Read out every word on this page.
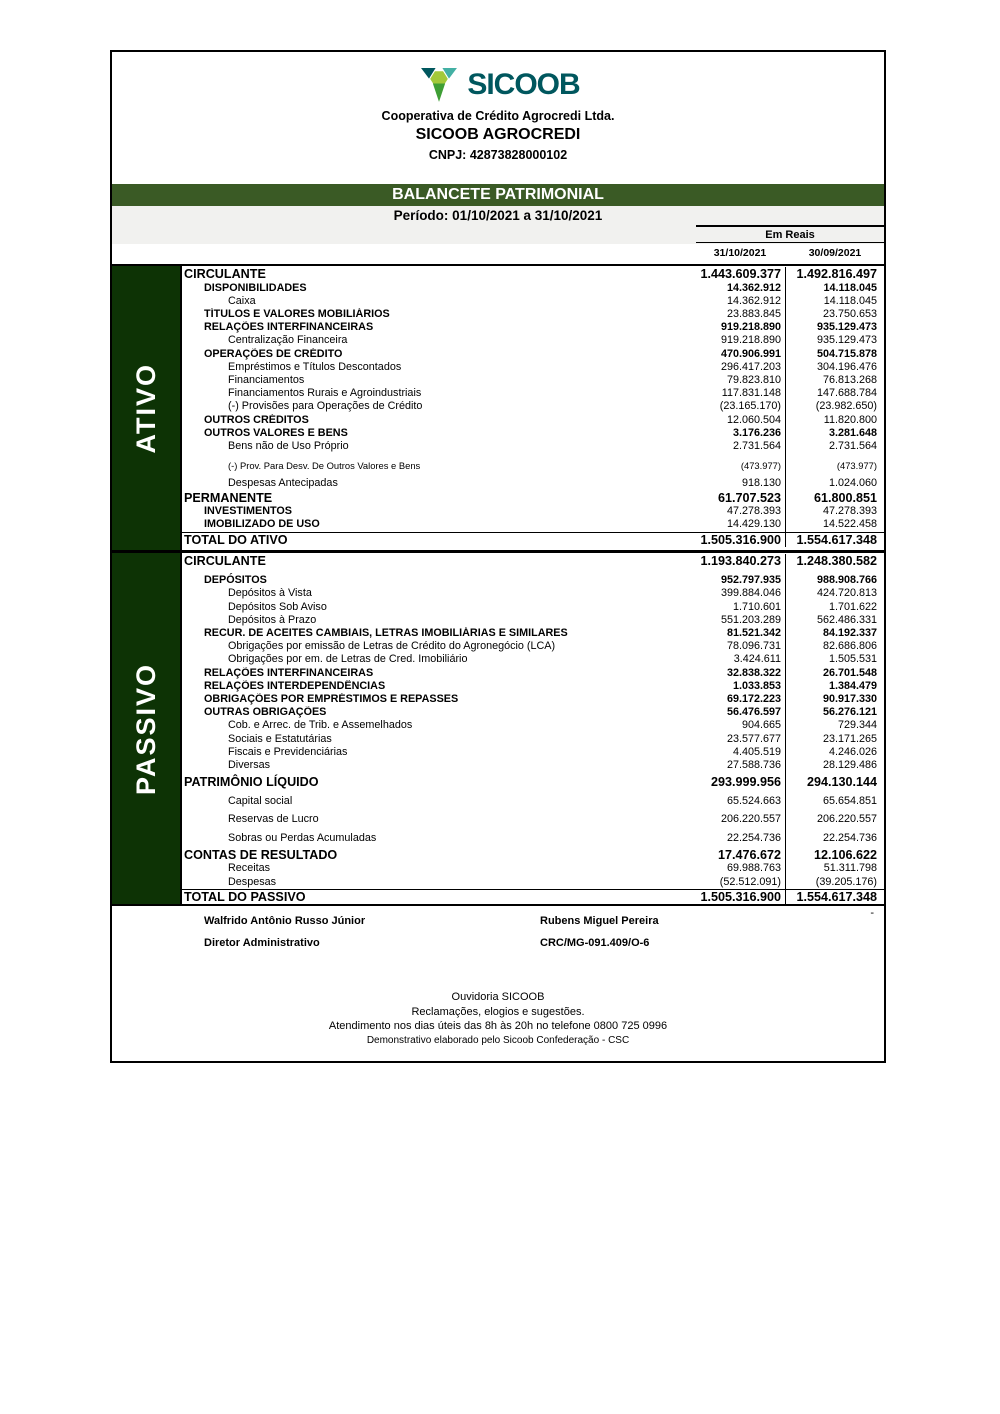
SICOOB
Cooperativa de Crédito Agrocredi Ltda.
SICOOB AGROCREDI
CNPJ: 42873828000102
BALANCETE PATRIMONIAL
Período: 01/10/2021 a 31/10/2021
Em Reais
31/10/2021	30/09/2021
ATIVO
CIRCULANTE	1.443.609.377	1.492.816.497
DISPONIBILIDADES	14.362.912	14.118.045
Caixa	14.362.912	14.118.045
TÍTULOS E VALORES MOBILIÁRIOS	23.883.845	23.750.653
RELAÇÕES INTERFINANCEIRAS	919.218.890	935.129.473
Centralização Financeira	919.218.890	935.129.473
OPERAÇÕES DE CRÉDITO	470.906.991	504.715.878
Empréstimos e Títulos Descontados	296.417.203	304.196.476
Financiamentos	79.823.810	76.813.268
Financiamentos Rurais e Agroindustriais	117.831.148	147.688.784
(-) Provisões para Operações de Crédito	(23.165.170)	(23.982.650)
OUTROS CRÉDITOS	12.060.504	11.820.800
OUTROS VALORES E BENS	3.176.236	3.281.648
Bens não de Uso Próprio	2.731.564	2.731.564
(-) Prov. Para Desv. De Outros Valores e Bens	(473.977)	(473.977)
Despesas Antecipadas	918.130	1.024.060
PERMANENTE	61.707.523	61.800.851
INVESTIMENTOS	47.278.393	47.278.393
IMOBILIZADO DE USO	14.429.130	14.522.458
TOTAL DO ATIVO	1.505.316.900	1.554.617.348
PASSIVO
CIRCULANTE	1.193.840.273	1.248.380.582
DEPÓSITOS	952.797.935	988.908.766
Depósitos à Vista	399.884.046	424.720.813
Depósitos Sob Aviso	1.710.601	1.701.622
Depósitos à Prazo	551.203.289	562.486.331
RECUR. DE ACEITES CAMBIAIS, LETRAS IMOBILIÁRIAS E SIMILARES	81.521.342	84.192.337
Obrigações por emissão de Letras de Crédito do Agronegócio (LCA)	78.096.731	82.686.806
Obrigações por em. de Letras de Cred. Imobiliário	3.424.611	1.505.531
RELAÇÕES INTERFINANCEIRAS	32.838.322	26.701.548
RELAÇÕES INTERDEPENDÊNCIAS	1.033.853	1.384.479
OBRIGAÇÕES POR EMPRÉSTIMOS E REPASSES	69.172.223	90.917.330
OUTRAS OBRIGAÇÕES	56.476.597	56.276.121
Cob. e Arrec. de Trib. e Assemelhados	904.665	729.344
Sociais e Estatutárias	23.577.677	23.171.265
Fiscais e Previdenciárias	4.405.519	4.246.026
Diversas	27.588.736	28.129.486
PATRIMÔNIO LÍQUIDO	293.999.956	294.130.144
Capital social	65.524.663	65.654.851
Reservas de Lucro	206.220.557	206.220.557
Sobras ou Perdas Acumuladas	22.254.736	22.254.736
CONTAS DE RESULTADO	17.476.672	12.106.622
Receitas	69.988.763	51.311.798
Despesas	(52.512.091)	(39.205.176)
TOTAL DO PASSIVO	1.505.316.900	1.554.617.348
-
Walfrido Antônio Russo Júnior
Diretor Administrativo
Rubens Miguel Pereira
CRC/MG-091.409/O-6
Ouvidoria SICOOB
Reclamações, elogios e sugestões.
Atendimento nos dias úteis das 8h às 20h no telefone 0800 725 0996
Demonstrativo elaborado pelo Sicoob Confederação - CSC
